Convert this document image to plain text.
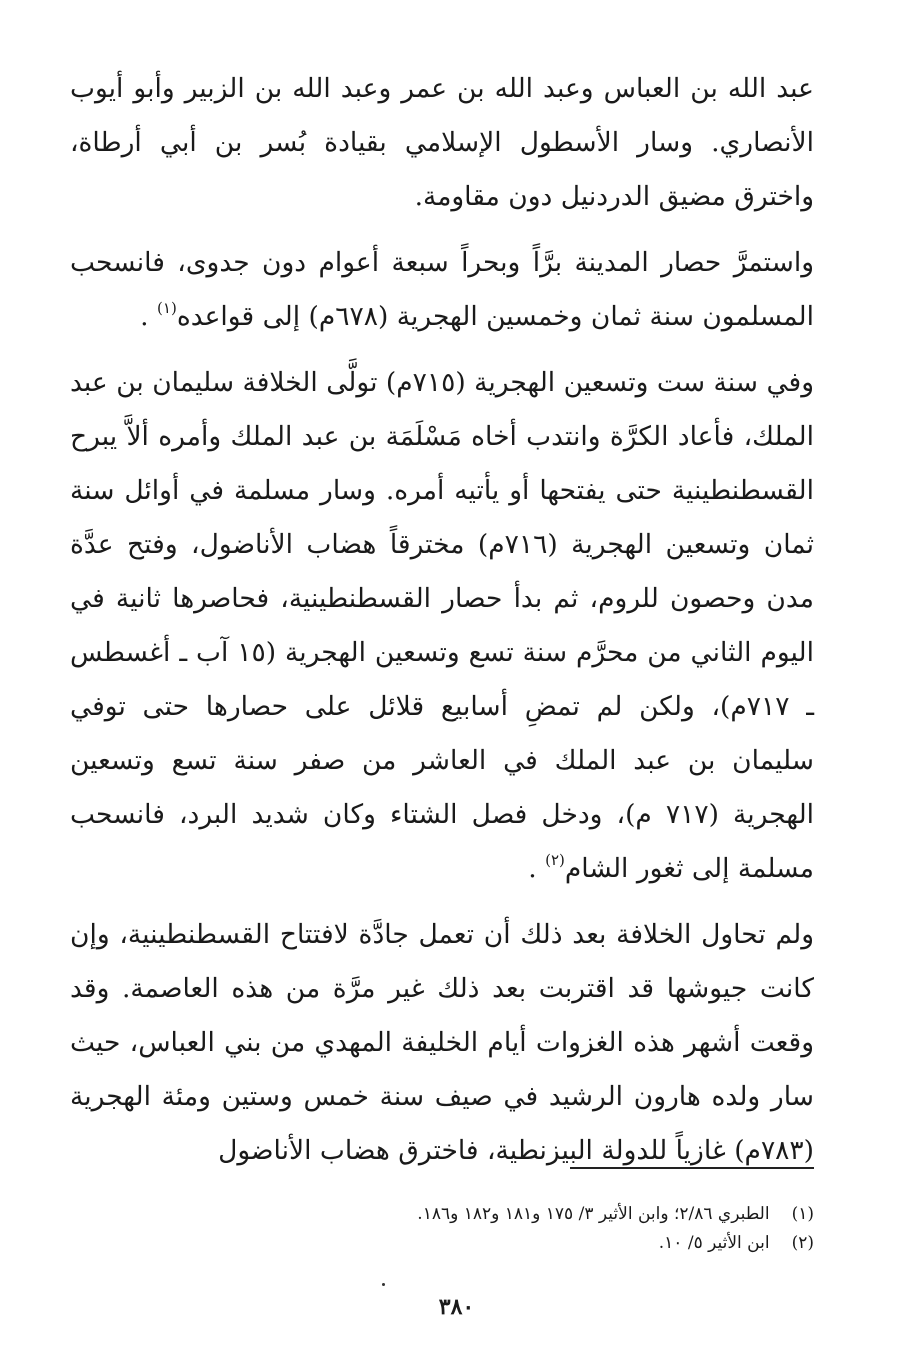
عبد الله بن العباس وعبد الله بن عمر وعبد الله بن الزبير وأبو أيوب الأنصاري. وسار الأسطول الإسلامي بقيادة بُسر بن أبي أرطاة، واخترق مضيق الدردنيل دون مقاومة.

واستمرَّ حصار المدينة برَّاً وبحراً سبعة أعوام دون جدوى، فانسحب المسلمون سنة ثمان وخمسين الهجرية (٦٧٨م) إلى قواعده$^{(١)}$ .

وفي سنة ست وتسعين الهجرية (٧١٥م) تولَّى الخلافة سليمان بن عبد الملك، فأعاد الكرَّة وانتدب أخاه مَسْلَمَة بن عبد الملك وأمره ألاَّ يبرح القسطنطينية حتى يفتحها أو يأتيه أمره. وسار مسلمة في أوائل سنة ثمان وتسعين الهجرية (٧١٦م) مخترقاً هضاب الأناضول، وفتح عدَّة مدن وحصون للروم، ثم بدأ حصار القسطنطينية، فحاصرها ثانية في اليوم الثاني من محرَّم سنة تسع وتسعين الهجرية (١٥ آب ـ أغسطس ـ ٧١٧م)، ولكن لم تمضِ أسابيع قلائل على حصارها حتى توفي سليمان بن عبد الملك في العاشر من صفر سنة تسع وتسعين الهجرية (٧١٧ م)، ودخل فصل الشتاء وكان شديد البرد، فانسحب مسلمة إلى ثغور الشام$^{(٢)}$ .

ولم تحاول الخلافة بعد ذلك أن تعمل جادَّة لافتتاح القسطنطينية، وإن كانت جيوشها قد اقتربت بعد ذلك غير مرَّة من هذه العاصمة. وقد وقعت أشهر هذه الغزوات أيام الخليفة المهدي من بني العباس، حيث سار ولده هارون الرشيد في صيف سنة خمس وستين ومئة الهجرية (٧٨٣م) غازياً للدولة البيزنطية، فاخترق هضاب الأناضول

(١)الطبري ٢/٨٦؛ وابن الأثير ٣/ ١٧٥ و١٨١ و١٨٢ و١٨٦.

(٢)ابن الأثير ٥/ ١٠.

٣٨٠
